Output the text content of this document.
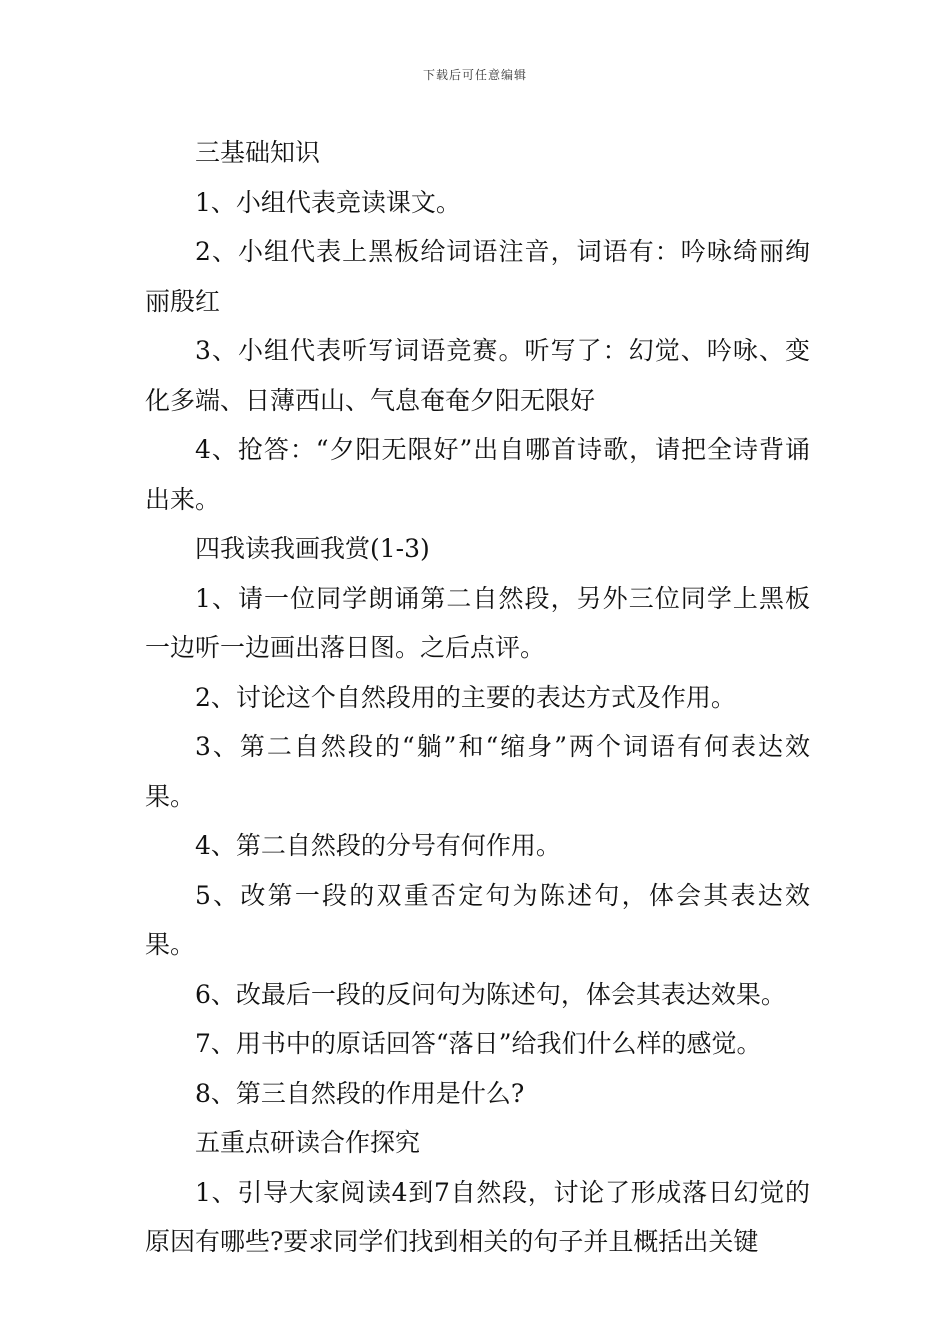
下载后可任意编辑

三基础知识

1、小组代表竞读课文。

2、小组代表上黑板给词语注音，词语有：吟咏绮丽绚丽殷红

3、小组代表听写词语竞赛。听写了：幻觉、吟咏、变化多端、日薄西山、气息奄奄夕阳无限好

4、抢答：“夕阳无限好”出自哪首诗歌，请把全诗背诵出来。

四我读我画我赏(1-3)

1、请一位同学朗诵第二自然段，另外三位同学上黑板一边听一边画出落日图。之后点评。

2、讨论这个自然段用的主要的表达方式及作用。

3、第二自然段的“躺”和“缩身”两个词语有何表达效果。

4、第二自然段的分号有何作用。

5、改第一段的双重否定句为陈述句，体会其表达效果。

6、改最后一段的反问句为陈述句，体会其表达效果。

7、用书中的原话回答“落日”给我们什么样的感觉。

8、第三自然段的作用是什么?

五重点研读合作探究

1、引导大家阅读4到7自然段，讨论了形成落日幻觉的原因有哪些?要求同学们找到相关的句子并且概括出关键
